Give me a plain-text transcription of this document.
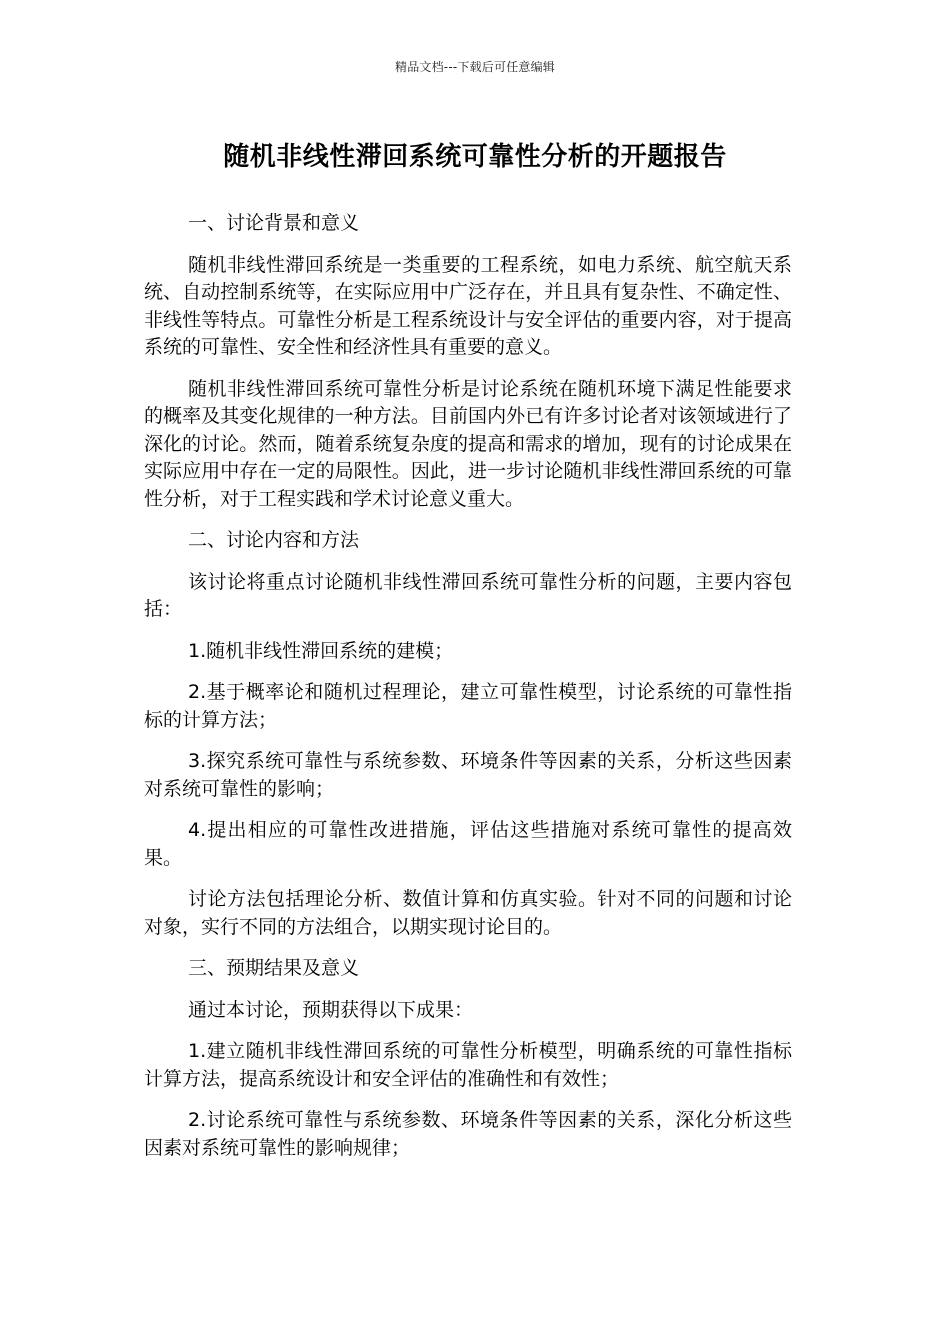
精品文档---下载后可任意编辑
随机非线性滞回系统可靠性分析的开题报告

一、讨论背景和意义

随机非线性滞回系统是一类重要的工程系统，如电力系统、航空航天系统、自动控制系统等，在实际应用中广泛存在，并且具有复杂性、不确定性、非线性等特点。可靠性分析是工程系统设计与安全评估的重要内容，对于提高系统的可靠性、安全性和经济性具有重要的意义。

随机非线性滞回系统可靠性分析是讨论系统在随机环境下满足性能要求的概率及其变化规律的一种方法。目前国内外已有许多讨论者对该领域进行了深化的讨论。然而，随着系统复杂度的提高和需求的增加，现有的讨论成果在实际应用中存在一定的局限性。因此，进一步讨论随机非线性滞回系统的可靠性分析，对于工程实践和学术讨论意义重大。

二、讨论内容和方法

该讨论将重点讨论随机非线性滞回系统可靠性分析的问题，主要内容包括：

1.随机非线性滞回系统的建模；

2.基于概率论和随机过程理论，建立可靠性模型，讨论系统的可靠性指标的计算方法；

3.探究系统可靠性与系统参数、环境条件等因素的关系，分析这些因素对系统可靠性的影响；

4.提出相应的可靠性改进措施，评估这些措施对系统可靠性的提高效果。

讨论方法包括理论分析、数值计算和仿真实验。针对不同的问题和讨论对象，实行不同的方法组合，以期实现讨论目的。

三、预期结果及意义

通过本讨论，预期获得以下成果：

1.建立随机非线性滞回系统的可靠性分析模型，明确系统的可靠性指标计算方法，提高系统设计和安全评估的准确性和有效性；

2.讨论系统可靠性与系统参数、环境条件等因素的关系，深化分析这些因素对系统可靠性的影响规律；
